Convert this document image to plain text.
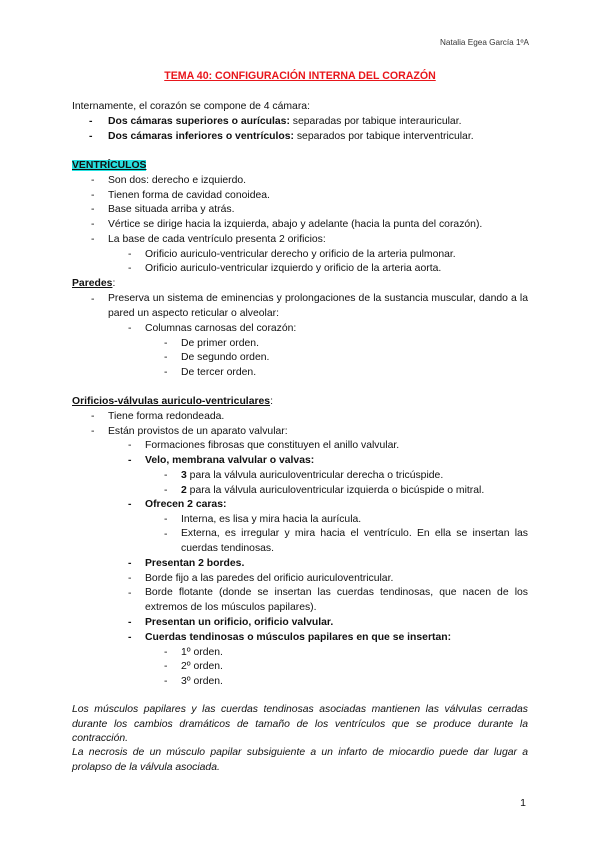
Natalia Egea García 1ºA
TEMA 40: CONFIGURACIÓN INTERNA DEL CORAZÓN
Internamente, el corazón se compone de 4 cámara:
- Dos cámaras superiores o aurículas: separadas por tabique interauricular.
- Dos cámaras inferiores o ventrículos: separados por tabique interventricular.
VENTRÍCULOS
- Son dos: derecho e izquierdo.
- Tienen forma de cavidad conoidea.
- Base situada arriba y atrás.
- Vértice se dirige hacia la izquierda, abajo y adelante (hacia la punta del corazón).
- La base de cada ventrículo presenta 2 orificios:
- Orificio auriculo-ventricular derecho y orificio de la arteria pulmonar.
- Orificio auriculo-ventricular izquierdo y orificio de la arteria aorta.
Paredes:
- Preserva un sistema de eminencias y prolongaciones de la sustancia muscular, dando a la pared un aspecto reticular o alveolar:
- Columnas carnosas del corazón:
- De primer orden.
- De segundo orden.
- De tercer orden.
Orificios-válvulas auriculo-ventriculares:
- Tiene forma redondeada.
- Están provistos de un aparato valvular:
- Formaciones fibrosas que constituyen el anillo valvular.
- Velo, membrana valvular o valvas:
- 3 para la válvula auriculoventricular derecha o tricúspide.
- 2 para la válvula auriculoventricular izquierda o bicúspide o mitral.
- Ofrecen 2 caras:
- Interna, es lisa y mira hacia la aurícula.
- Externa, es irregular y mira hacia el ventrículo. En ella se insertan las cuerdas tendinosas.
- Presentan 2 bordes.
- Borde fijo a las paredes del orificio auriculoventricular.
- Borde flotante (donde se insertan las cuerdas tendinosas, que nacen de los extremos de los músculos papilares).
- Presentan un orificio, orificio valvular.
- Cuerdas tendinosas o músculos papilares en que se insertan:
- 1º orden.
- 2º orden.
- 3º orden.
Los músculos papilares y las cuerdas tendinosas asociadas mantienen las válvulas cerradas durante los cambios dramáticos de tamaño de los ventrículos que se produce durante la contracción.
La necrosis de un músculo papilar subsiguiente a un infarto de miocardio puede dar lugar a prolapso de la válvula asociada.
1
